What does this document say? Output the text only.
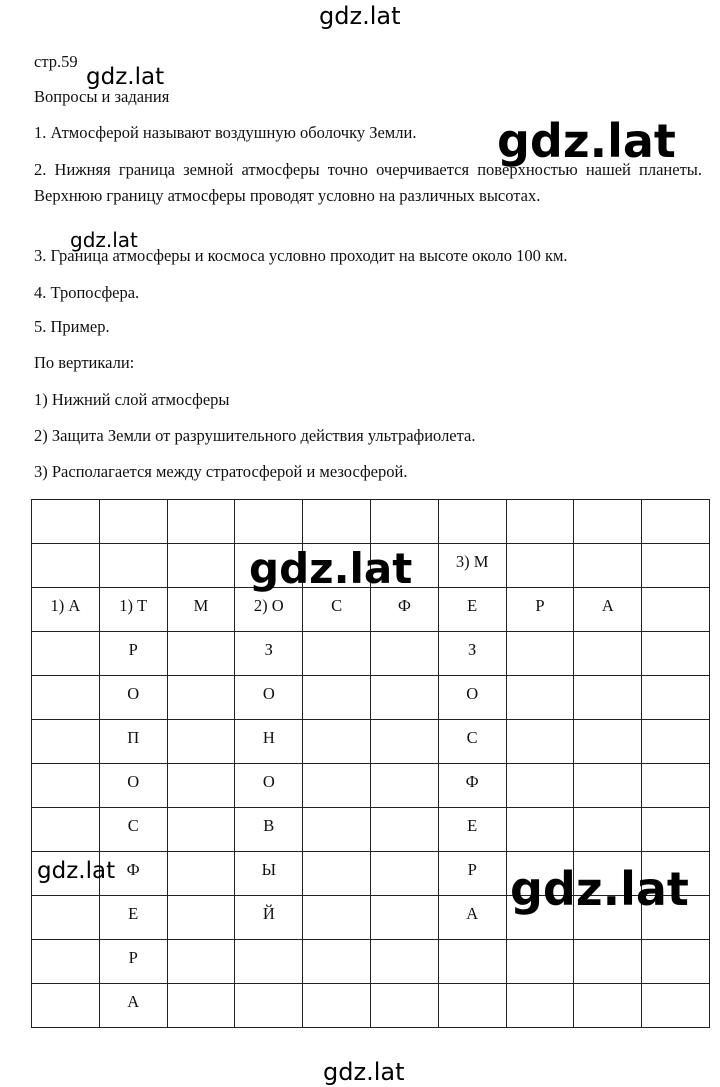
стр.59
Вопросы и задания
1. Атмосферой называют воздушную оболочку Земли.
2. Нижняя граница земной атмосферы точно очерчивается поверхностью нашей планеты. Верхнюю границу атмосферы проводят условно на различных высотах.
3. Граница атмосферы и космоса условно проходит на высоте около 100 км.
4. Тропосфера.
5. Пример.
По вертикали:
1) Нижний слой атмосферы
2) Защита Земли от разрушительного действия ультрафиолета.
3) Располагается между стратосферой и мезосферой.

						3) М			
1) А	1) Т	М	2) О	С	Ф	Е	Р	А	
	Р		З			З			
	О		О			О			
	П		Н			С			
	О		О			Ф			
	С		В			Е			
	Ф		Ы			Р			
	Е		Й			А			
	Р								
	А								
gdz.lat
gdz.lat
gdz.lat
gdz.lat
gdz.lat
gdz.lat	gdz.lat
gdz.lat
